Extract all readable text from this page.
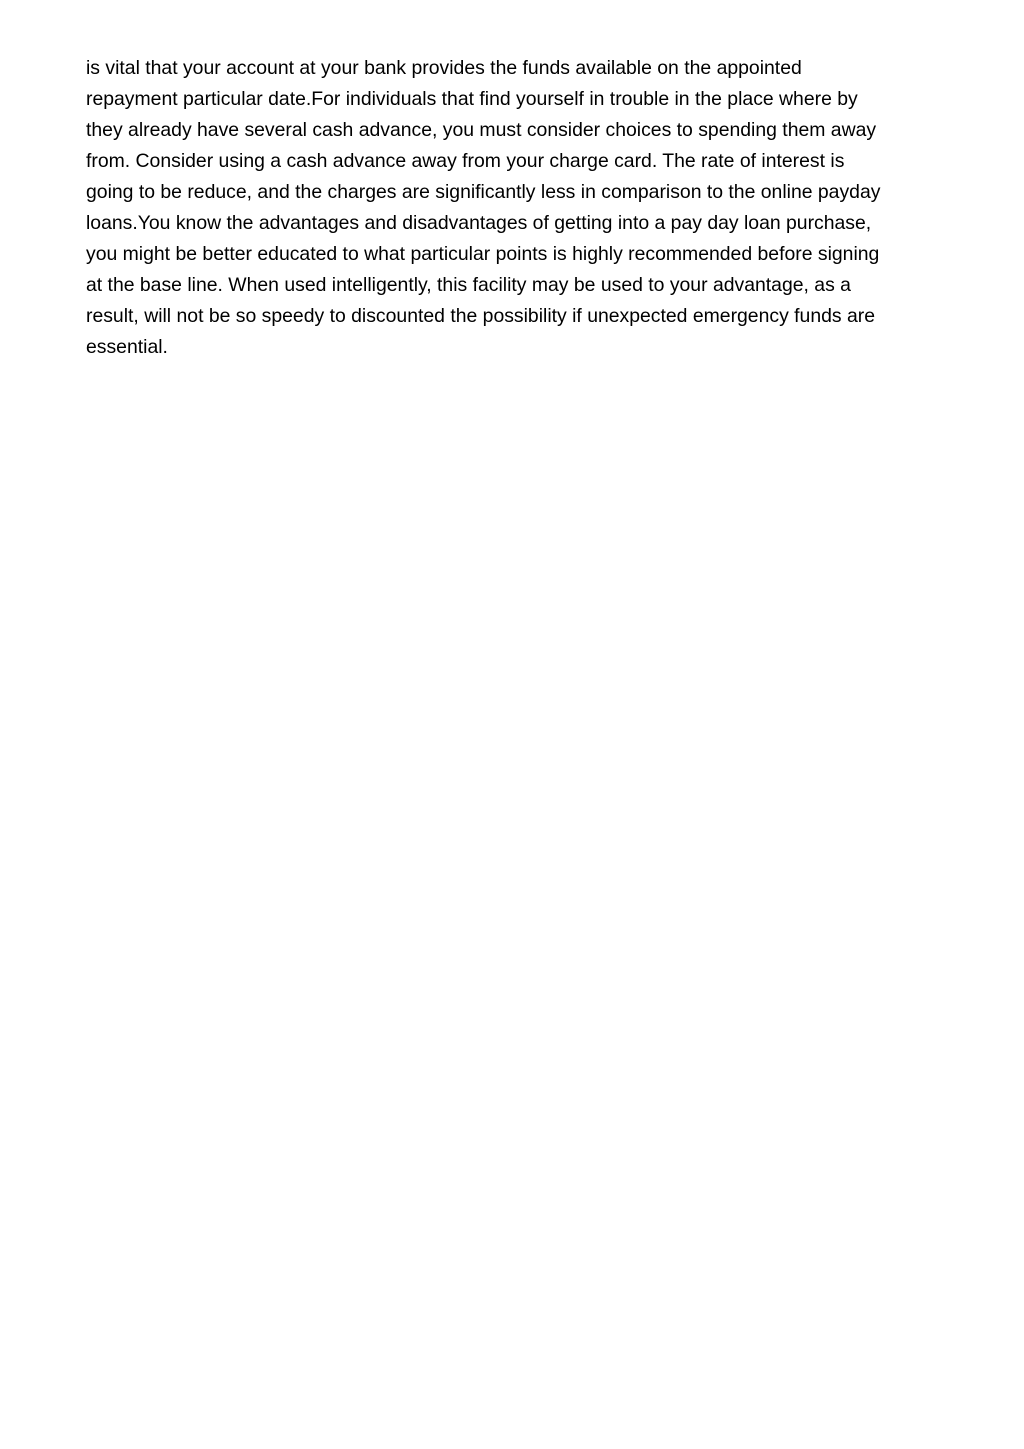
is vital that your account at your bank provides the funds available on the appointed
repayment particular date.For individuals that find yourself in trouble in the place where by
they already have several cash advance, you must consider choices to spending them away
from. Consider using a cash advance away from your charge card. The rate of interest is
going to be reduce, and the charges are significantly less in comparison to the online payday
loans.You know the advantages and disadvantages of getting into a pay day loan purchase,
you might be better educated to what particular points is highly recommended before signing
at the base line. When used intelligently, this facility may be used to your advantage, as a
result, will not be so speedy to discounted the possibility if unexpected emergency funds are
essential.
